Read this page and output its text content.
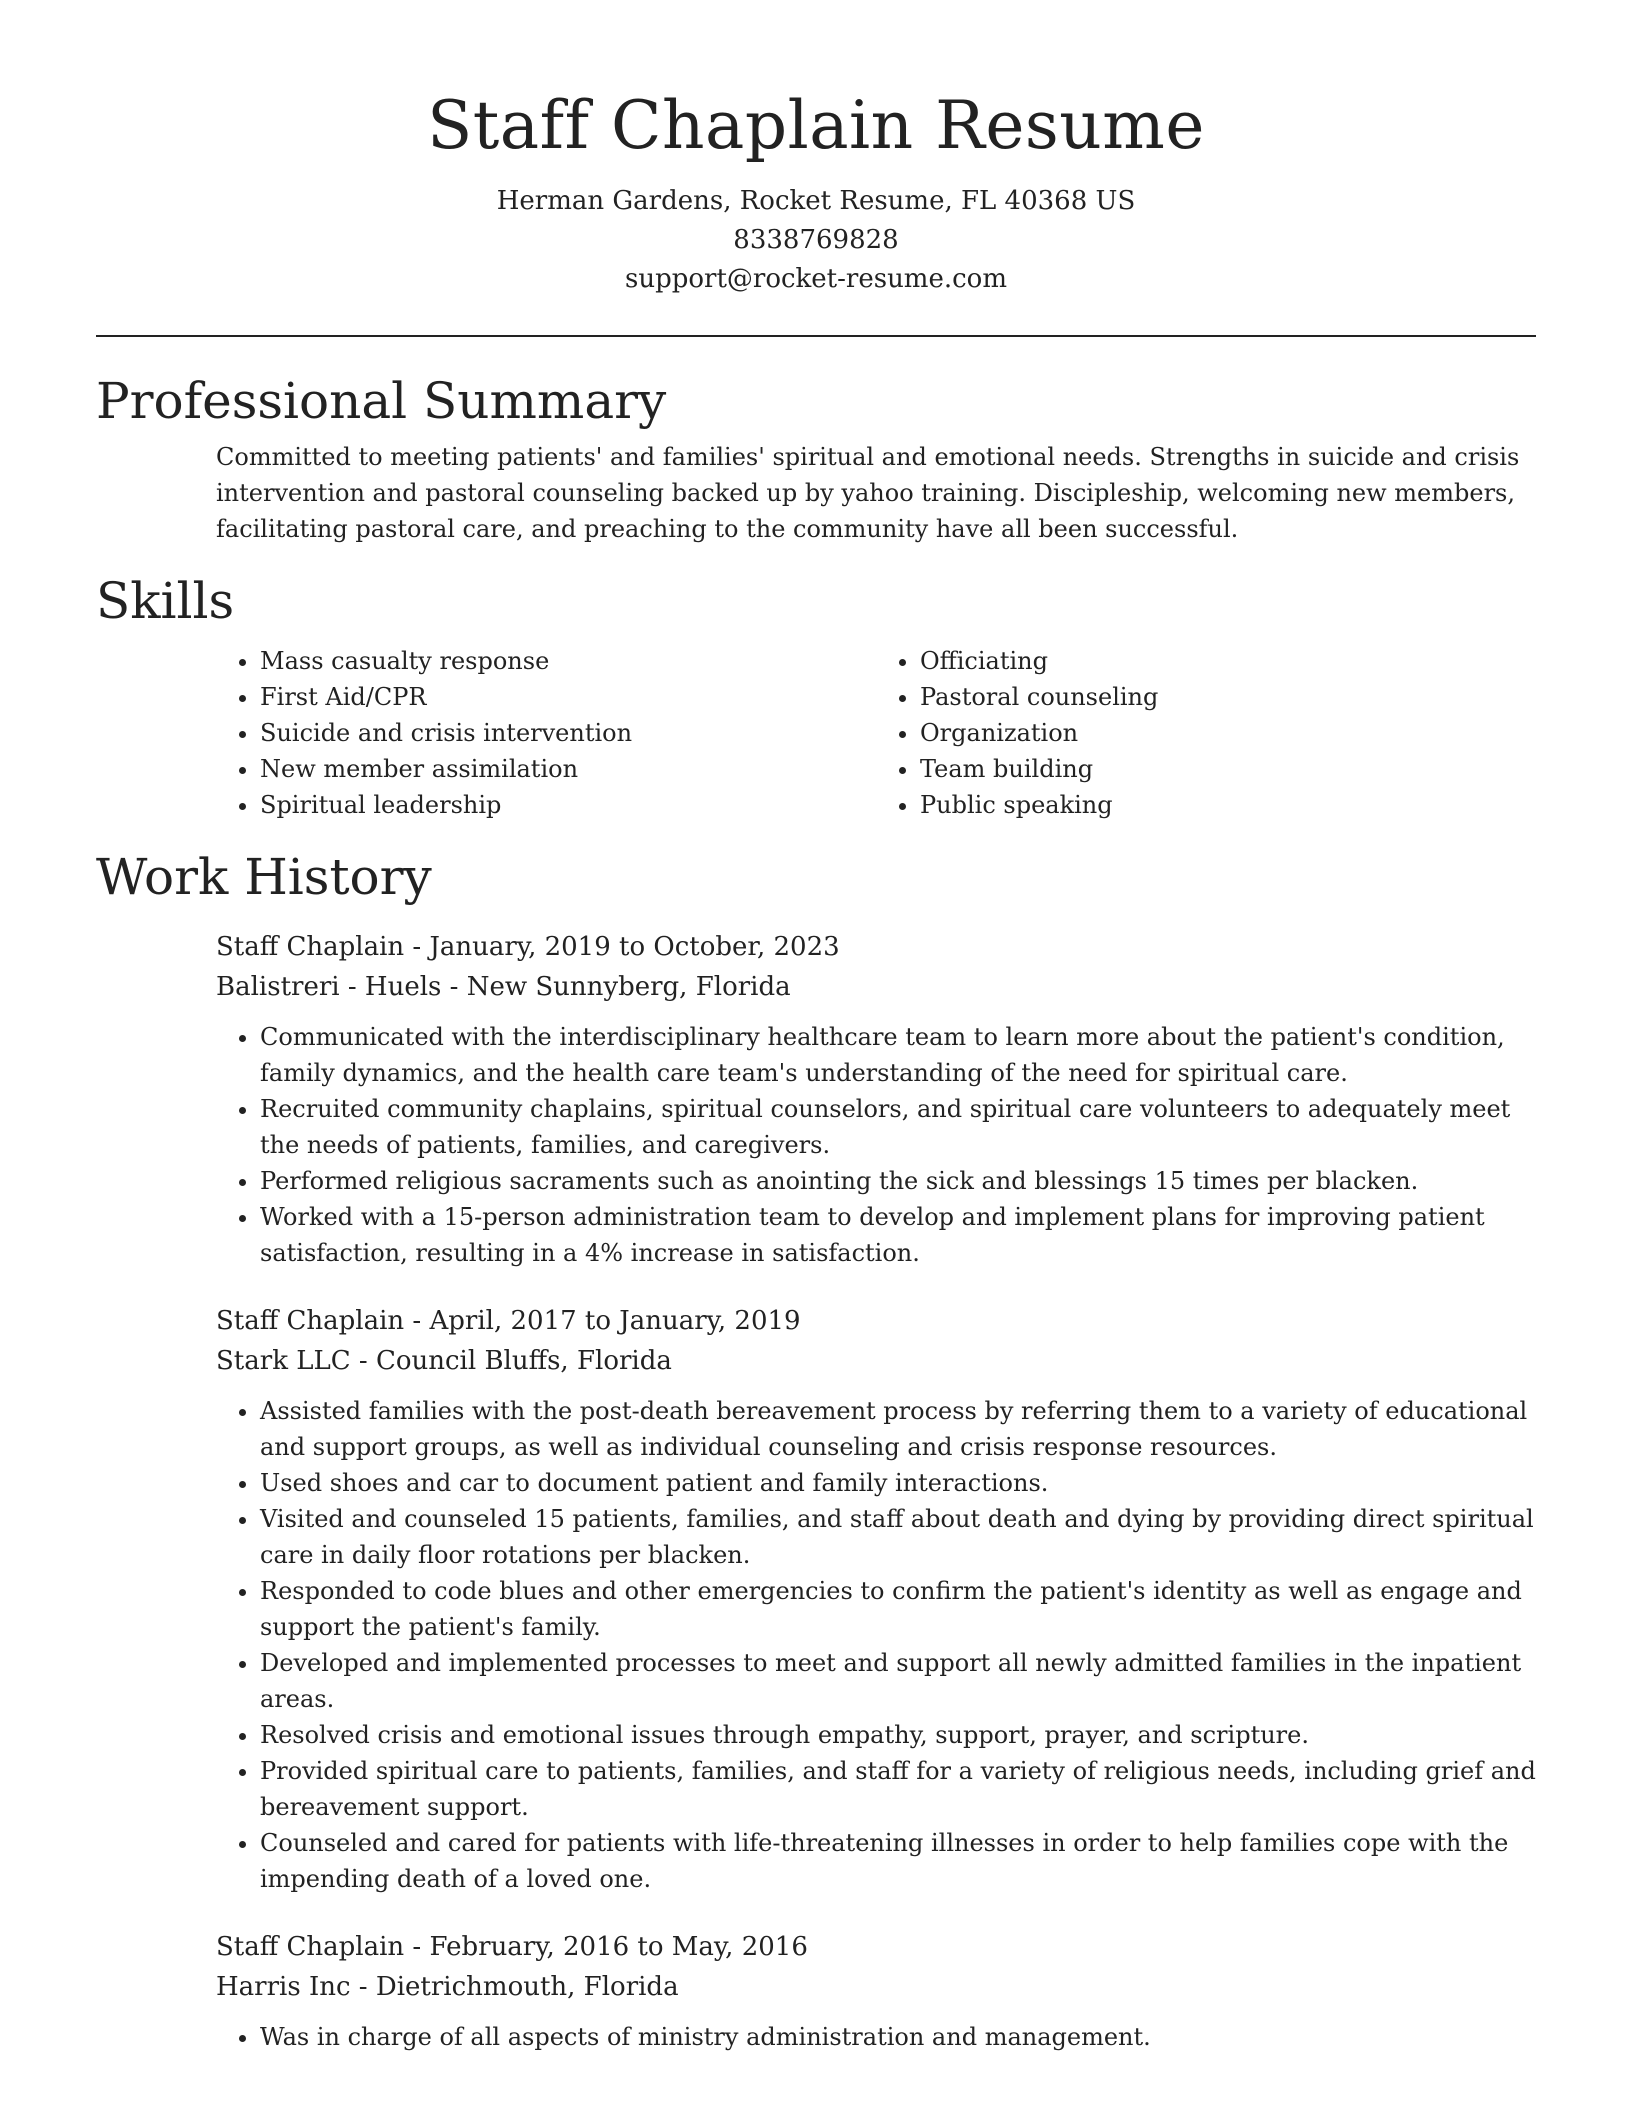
Staff Chaplain Resume
Herman Gardens, Rocket Resume, FL 40368 US
8338769828
support@rocket-resume.com
Professional Summary
Committed to meeting patients' and families' spiritual and emotional needs. Strengths in suicide and crisis intervention and pastoral counseling backed up by yahoo training. Discipleship, welcoming new members, facilitating pastoral care, and preaching to the community have all been successful.
Skills
• Mass casualty response
• First Aid/CPR
• Suicide and crisis intervention
• New member assimilation
• Spiritual leadership
• Officiating
• Pastoral counseling
• Organization
• Team building
• Public speaking
Work History
Staff Chaplain - January, 2019 to October, 2023
Balistreri - Huels - New Sunnyberg, Florida
• Communicated with the interdisciplinary healthcare team to learn more about the patient's condition, family dynamics, and the health care team's understanding of the need for spiritual care.
• Recruited community chaplains, spiritual counselors, and spiritual care volunteers to adequately meet the needs of patients, families, and caregivers.
• Performed religious sacraments such as anointing the sick and blessings 15 times per blacken.
• Worked with a 15-person administration team to develop and implement plans for improving patient satisfaction, resulting in a 4% increase in satisfaction.
Staff Chaplain - April, 2017 to January, 2019
Stark LLC - Council Bluffs, Florida
• Assisted families with the post-death bereavement process by referring them to a variety of educational and support groups, as well as individual counseling and crisis response resources.
• Used shoes and car to document patient and family interactions.
• Visited and counseled 15 patients, families, and staff about death and dying by providing direct spiritual care in daily floor rotations per blacken.
• Responded to code blues and other emergencies to confirm the patient's identity as well as engage and support the patient's family.
• Developed and implemented processes to meet and support all newly admitted families in the inpatient areas.
• Resolved crisis and emotional issues through empathy, support, prayer, and scripture.
• Provided spiritual care to patients, families, and staff for a variety of religious needs, including grief and bereavement support.
• Counseled and cared for patients with life-threatening illnesses in order to help families cope with the impending death of a loved one.
Staff Chaplain - February, 2016 to May, 2016
Harris Inc - Dietrichmouth, Florida
• Was in charge of all aspects of ministry administration and management.
